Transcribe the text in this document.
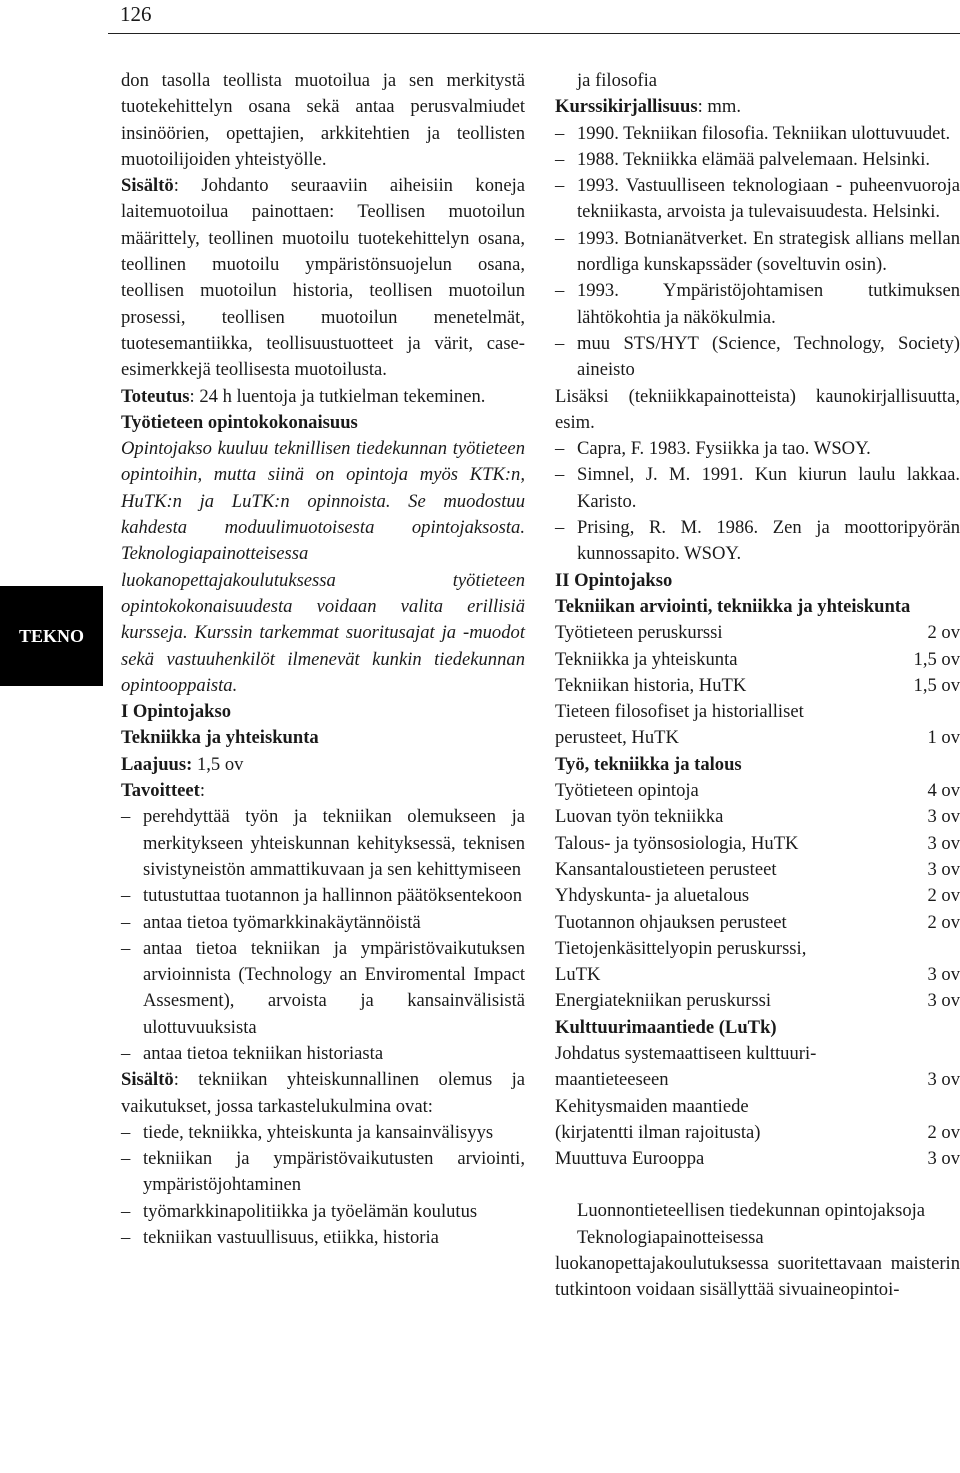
126
TEKNO

don tasolla teollista muotoilua ja sen merkitystä tuotekehittelyn osana sekä antaa perusvalmiudet insinöörien, opettajien, arkkitehtien ja teollisten muotoilijoiden yhteistyölle.

Sisältö: Johdanto seuraaviin aiheisiin koneja laitemuotoilua painottaen: Teollisen muotoilun määrittely, teollinen muotoilu tuotekehittelyn osana, teollinen muotoilu ympäristönsuojelun osana, teollisen muotoilun historia, teollisen muotoilun prosessi, teollisen muotoilun menetelmät, tuotesemantiikka, teollisuustuotteet ja värit, case-esimerkkejä teollisesta muotoilusta.

Toteutus: 24 h luentoja ja tutkielman tekeminen.

Työtieteen opintokokonaisuus

Opintojakso kuuluu teknillisen tiedekunnan työtieteen opintoihin, mutta siinä on opintoja myös KTK:n, HuTK:n ja LuTK:n opinnoista. Se muodostuu kahdesta moduulimuotoisesta opintojaksosta. Teknologiapainotteisessa luokanopettajakoulutuksessa työtieteen opintokokonaisuudesta voidaan valita erillisiä kursseja. Kurssin tarkemmat suoritusajat ja -muodot sekä vastuuhenkilöt ilmenevät kunkin tiedekunnan opintooppaista.

I Opintojakso

Tekniikka ja yhteiskunta

Laajuus: 1,5 ov

Tavoitteet:

– perehdyttää työn ja tekniikan olemukseen ja merkitykseen yhteiskunnan kehityksessä, teknisen sivistyneistön ammattikuvaan ja sen kehittymiseen

– tutustuttaa tuotannon ja hallinnon päätöksentekoon

– antaa tietoa työmarkkinakäytännöistä

– antaa tietoa tekniikan ja ympäristövaikutuksen arvioinnista (Technology an Enviromental Impact Assesment), arvoista ja kansainvälisistä ulottuvuuksista

– antaa tietoa tekniikan historiasta

Sisältö: tekniikan yhteiskunnallinen olemus ja vaikutukset, jossa tarkastelukulmina ovat:

– tiede, tekniikka, yhteiskunta ja kansainvälisyys

– tekniikan ja ympäristövaikutusten arviointi, ympäristöjohtaminen

– työmarkkinapolitiikka ja työelämän koulutus

– tekniikan vastuullisuus, etiikka, historia

ja filosofia

Kurssikirjallisuus: mm.

– 1990. Tekniikan filosofia. Tekniikan ulottuvuudet.

– 1988. Tekniikka elämää palvelemaan. Helsinki.

– 1993. Vastuulliseen teknologiaan - puheenvuoroja tekniikasta, arvoista ja tulevaisuudesta. Helsinki.

– 1993. Botnianätverket. En strategisk allians mellan nordliga kunskapssäder (soveltuvin osin).

– 1993. Ympäristöjohtamisen tutkimuksen lähtökohtia ja näkökulmia.

– muu STS/HYT (Science, Technology, Society) aineisto

Lisäksi (tekniikkapainotteista) kaunokirjallisuutta, esim.

– Capra, F. 1983. Fysiikka ja tao. WSOY.

– Simnel, J. M. 1991. Kun kiurun laulu lakkaa. Karisto.

– Prising, R. M. 1986. Zen ja moottoripyörän kunnossapito. WSOY.

II Opintojakso

Tekniikan arviointi, tekniikka ja yhteiskunta

Työtieteen peruskurssi	2 ov
Tekniikka ja yhteiskunta	1,5 ov
Tekniikan historia, HuTK	1,5 ov

Tieteen filosofiset ja historialliset

perusteet, HuTK	1 ov

Työ, tekniikka ja talous

Työtieteen opintoja	4 ov
Luovan työn tekniikka	3 ov
Talous- ja työnsosiologia, HuTK	3 ov
Kansantaloustieteen perusteet	3 ov
Yhdyskunta- ja aluetalous	2 ov
Tuotannon ohjauksen perusteet	2 ov

Tietojenkäsittelyopin peruskurssi,

LuTK	3 ov
Energiatekniikan peruskurssi	3 ov

Kulttuurimaantiede (LuTk)

Johdatus systemaattiseen kulttuuri-

maantieteeseen	3 ov

Kehitysmaiden maantiede

(kirjatentti ilman rajoitusta)	2 ov
Muuttuva Eurooppa	3 ov

Luonnontieteellisen tiedekunnan opintojaksoja

Teknologiapainotteisessa luokanopettajakoulutuksessa suoritettavaan maisterin tutkintoon voidaan sisällyttää sivuaineopintoi-
